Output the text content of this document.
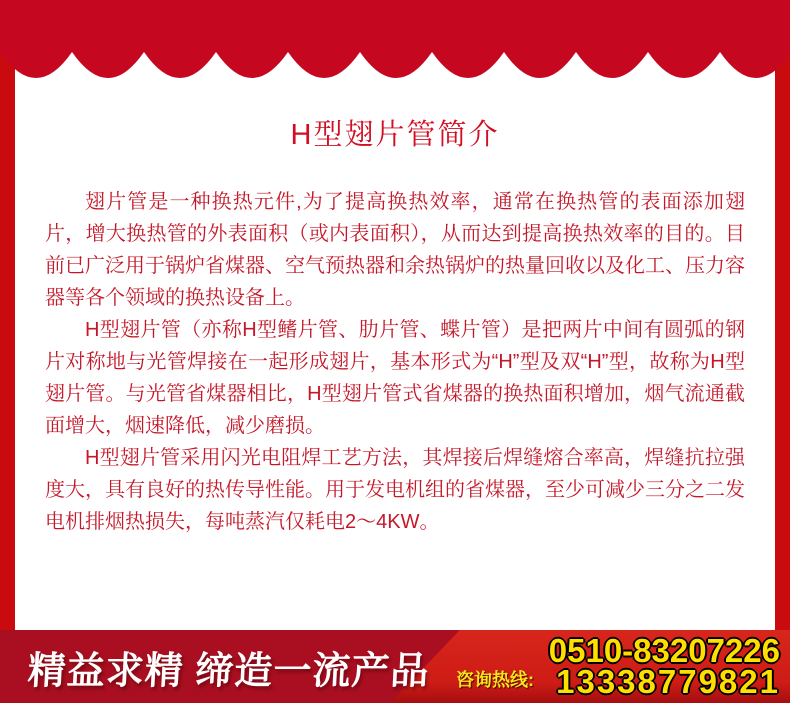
H型翅片管简介

翅片管是一种换热元件,为了提高换热效率，通常在换热管的表面添加翅片，增大换热管的外表面积（或内表面积），从而达到提高换热效率的目的。目前已广泛用于锅炉省煤器、空气预热器和余热锅炉的热量回收以及化工、压力容器等各个领域的换热设备上。

H型翅片管（亦称H型鳍片管、肋片管、蝶片管）是把两片中间有圆弧的钢片对称地与光管焊接在一起形成翅片，基本形式为“H”型及双“H”型，故称为H型翅片管。与光管省煤器相比，H型翅片管式省煤器的换热面积增加，烟气流通截面增大，烟速降低，减少磨损。

H型翅片管采用闪光电阻焊工艺方法，其焊接后焊缝熔合率高，焊缝抗拉强度大，具有良好的热传导性能。用于发电机组的省煤器，至少可减少三分之二发电机排烟热损失，每吨蒸汽仅耗电2～4KW。

精益求精 缔造一流产品 咨询热线:
0510-83207226
13338779821
